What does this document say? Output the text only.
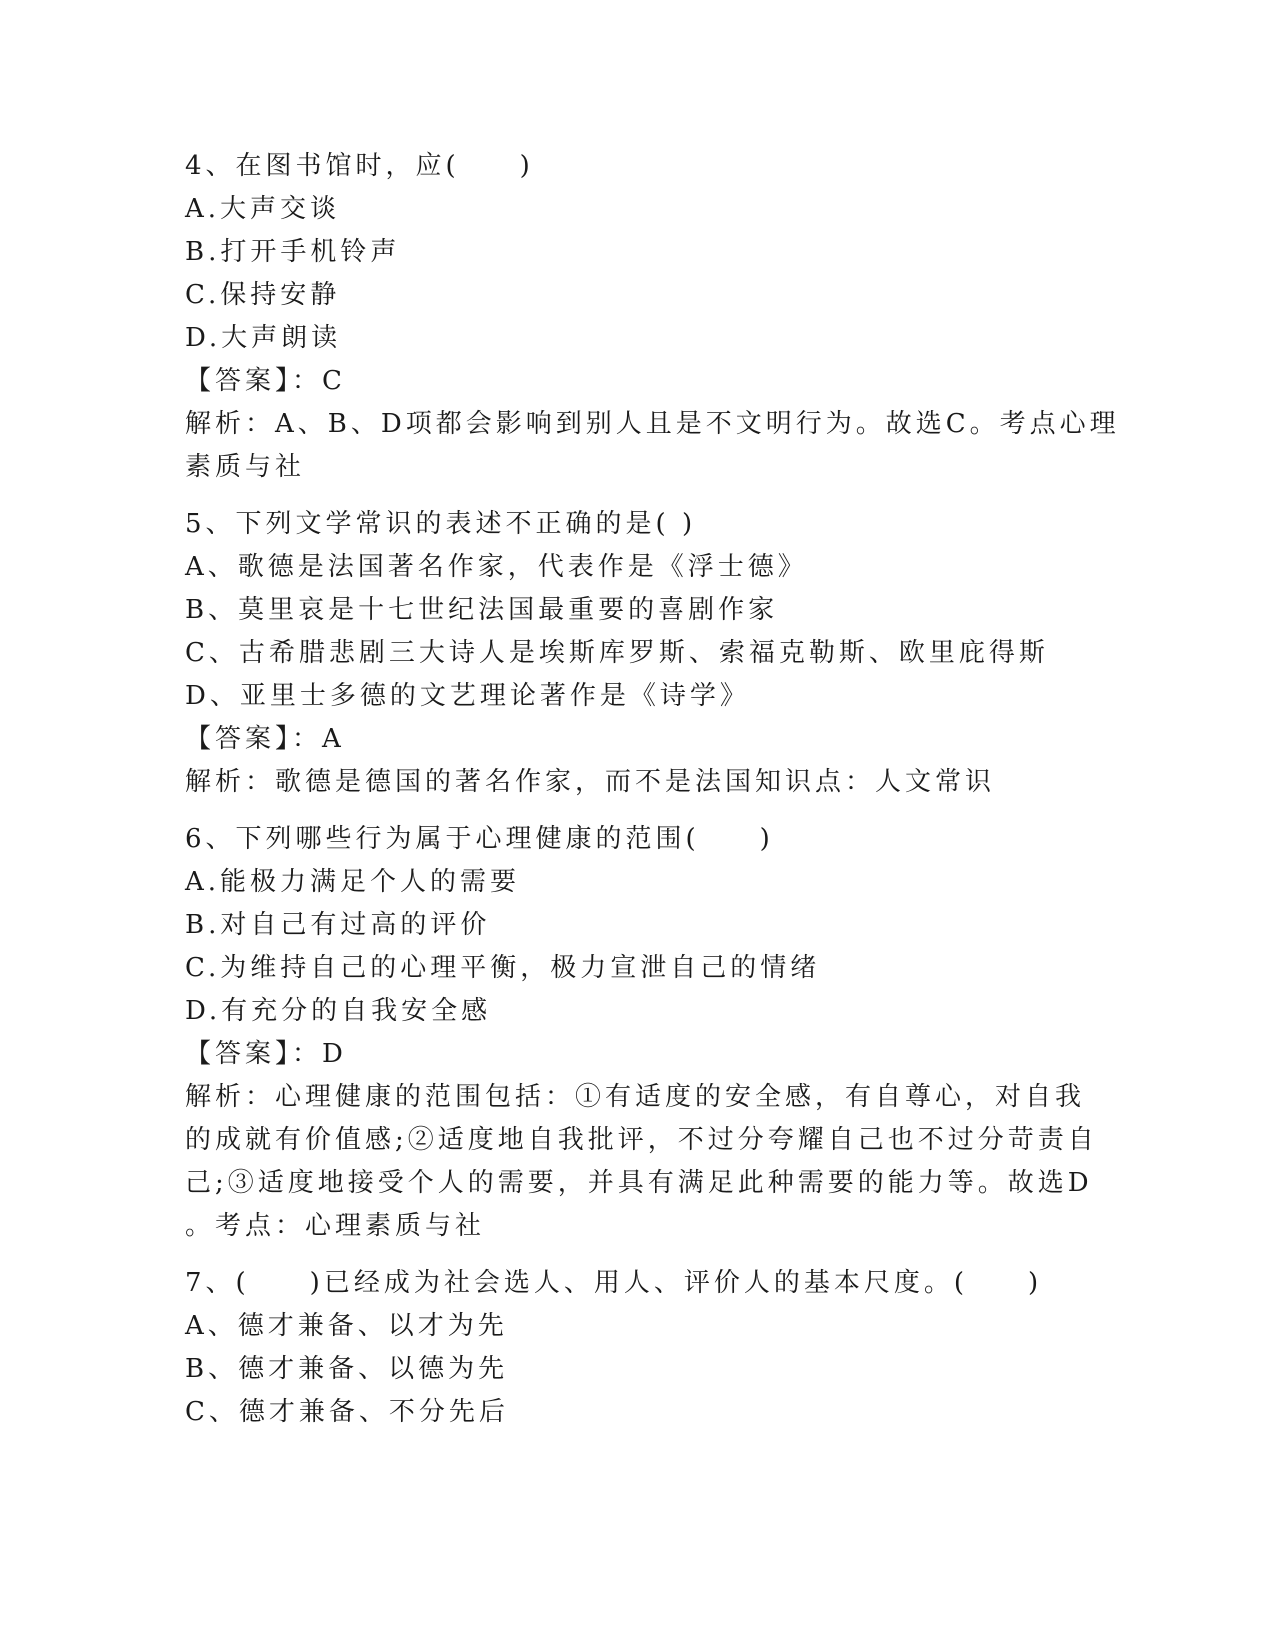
4、在图书馆时，应(　　)
A.大声交谈
B.打开手机铃声
C.保持安静
D.大声朗读
【答案】：C
解析：A、B、D项都会影响到别人且是不文明行为。故选C。考点心理
素质与社
5、下列文学常识的表述不正确的是( )
A、歌德是法国著名作家，代表作是《浮士德》
B、莫里哀是十七世纪法国最重要的喜剧作家
C、古希腊悲剧三大诗人是埃斯库罗斯、索福克勒斯、欧里庇得斯
D、亚里士多德的文艺理论著作是《诗学》
【答案】：A
解析：歌德是德国的著名作家，而不是法国知识点：人文常识
6、下列哪些行为属于心理健康的范围(　　)
A.能极力满足个人的需要
B.对自己有过高的评价
C.为维持自己的心理平衡，极力宣泄自己的情绪
D.有充分的自我安全感
【答案】：D
解析：心理健康的范围包括：①有适度的安全感，有自尊心，对自我
的成就有价值感;②适度地自我批评，不过分夸耀自己也不过分苛责自
己;③适度地接受个人的需要，并具有满足此种需要的能力等。故选D
。考点：心理素质与社
7、(　　)已经成为社会选人、用人、评价人的基本尺度。(　　)
A、德才兼备、以才为先
B、德才兼备、以德为先
C、德才兼备、不分先后
